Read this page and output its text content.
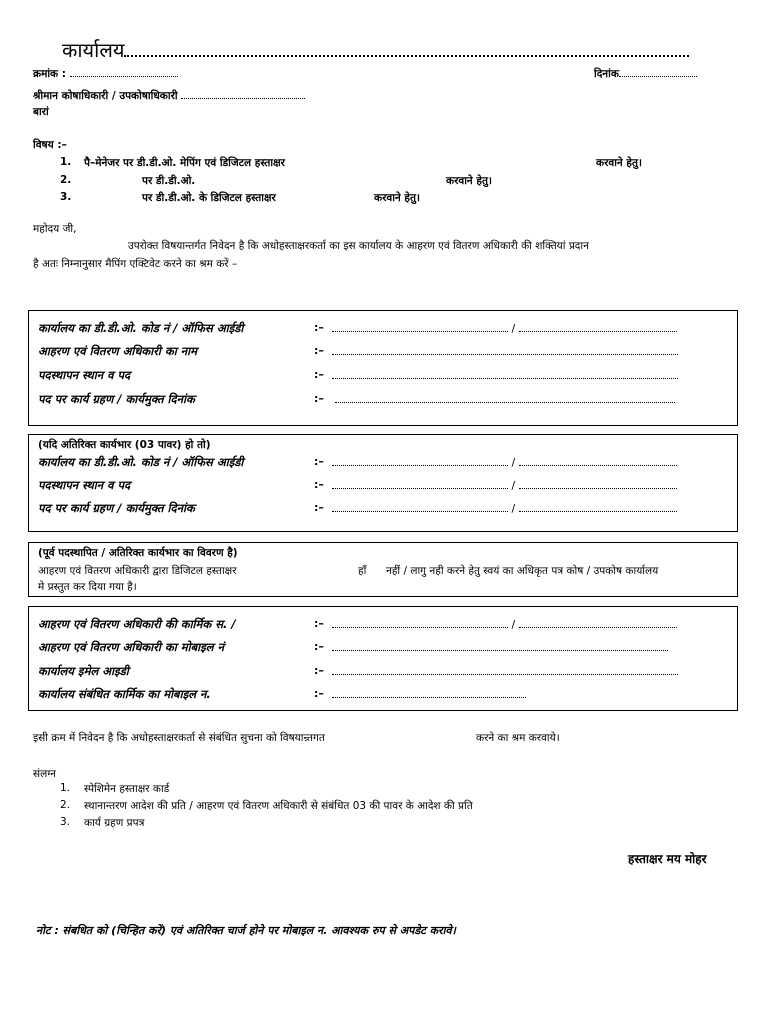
कार्यालय
क्रमांक :	दिनांक
श्रीमान कोषाधिकारी / उपकोषाधिकारी
बारां
विषय :–
1. पै–मेनेजर पर डी.डी.ओ. मेपिंग एवं डिजिटल हस्ताक्षर	करवाने हेतु।
2.	पर डी.डी.ओ.	करवाने हेतु।
3.	पर डी.डी.ओ. के डिजिटल हस्ताक्षर	करवाने हेतु।
महोदय जी,
उपरोक्त विषयान्तर्गत निवेदन है कि अधोहस्ताक्षरकर्ता का इस कार्यालय के आहरण एवं वितरण अधिकारी की शक्तियां प्रदान
है अतः निम्नानुसार मैपिंग एक्टिवेट करने का श्रम करें –
कार्यालय का डी.डी.ओ. कोड नं / ऑफिस आईडी	:–	/
आहरण एवं वितरण अधिकारी का नाम	:–
पदस्थापन स्थान व पद	:–
पद पर कार्य ग्रहण / कार्यमुक्त दिनांक	:–
(यदि अतिरिक्त कार्यभार (03 पावर) हो तो)
कार्यालय का डी.डी.ओ. कोड नं / ऑफिस आईडी	:–	/
पदस्थापन स्थान व पद	:–	/
पद पर कार्य ग्रहण / कार्यमुक्त दिनांक	:–	/
(पूर्व पदस्थापित / अतिरिक्त कार्यभार का विवरण है)
आहरण एवं वितरण अधिकारी द्वारा डिजिटल हस्ताक्षर	हाँ नहीं / लागु नही करने हेतु स्वयं का अधिकृत पत्र कोष / उपकोष कार्यालय
मे प्रस्तुत कर दिया गया है।
आहरण एवं वितरण अधिकारी की कार्मिक स. /	:–	/
आहरण एवं वितरण अधिकारी का मोबाइल नं	:–
कार्यालय इमेल आइडी	:–
कार्यालय संबंधित कार्मिक का मोबाइल न.	:–
इसी क्रम में निवेदन है कि अधोहस्ताक्षरकर्ता से संबंधित सुचना को विषयान्र्तगत	करने का श्रम करवाये।
संलग्न
1. स्पेशिमेन हस्ताक्षर कार्ड
2. स्थानान्तरण आदेश की प्रति / आहरण एवं वितरण अधिकारी से संबंधित 03 की पावर के आदेश की प्रति
3. कार्य ग्रहण प्रपत्र
हस्ताक्षर मय मोहर
नोट : संबधित को (चिन्हित करें) एवं अतिरिक्त चार्ज होने पर मोबाइल न. आवश्यक रुप से अपडेट करावे।
